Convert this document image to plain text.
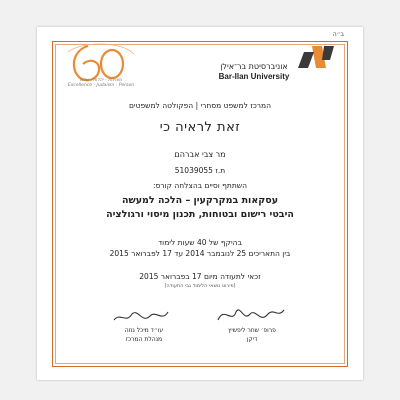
ב״ה
מצוינות - יהדות - אדם
Excellence - Judaism - Person
אוניברסיטת בר־אילן
Bar-Ilan University
המרכז למשפט מסחרי | הפקולטה למשפטים
זאת לראיה כי
מר צבי אברהם
ת.ז 51039055
השתתף וסיים בהצלחה קורס:
עסקאות במקרקעין – הלכה למעשה
היבטי רישום ובטוחות, תכנון מיסוי ורגולציה
בהיקף של 40 שעות לימוד
בין התאריכים 25 לנובמבר 2014 עד 17 לפברואר 2015
זכאי לתעודה מיום 17 בפברואר 2015
(פירוט נושאי הלימוד גבי התעודה)
פרופ׳ שחר ליפשיץ
דיקן
עו״ד מיכל נוזה
מנהלת המרכז
